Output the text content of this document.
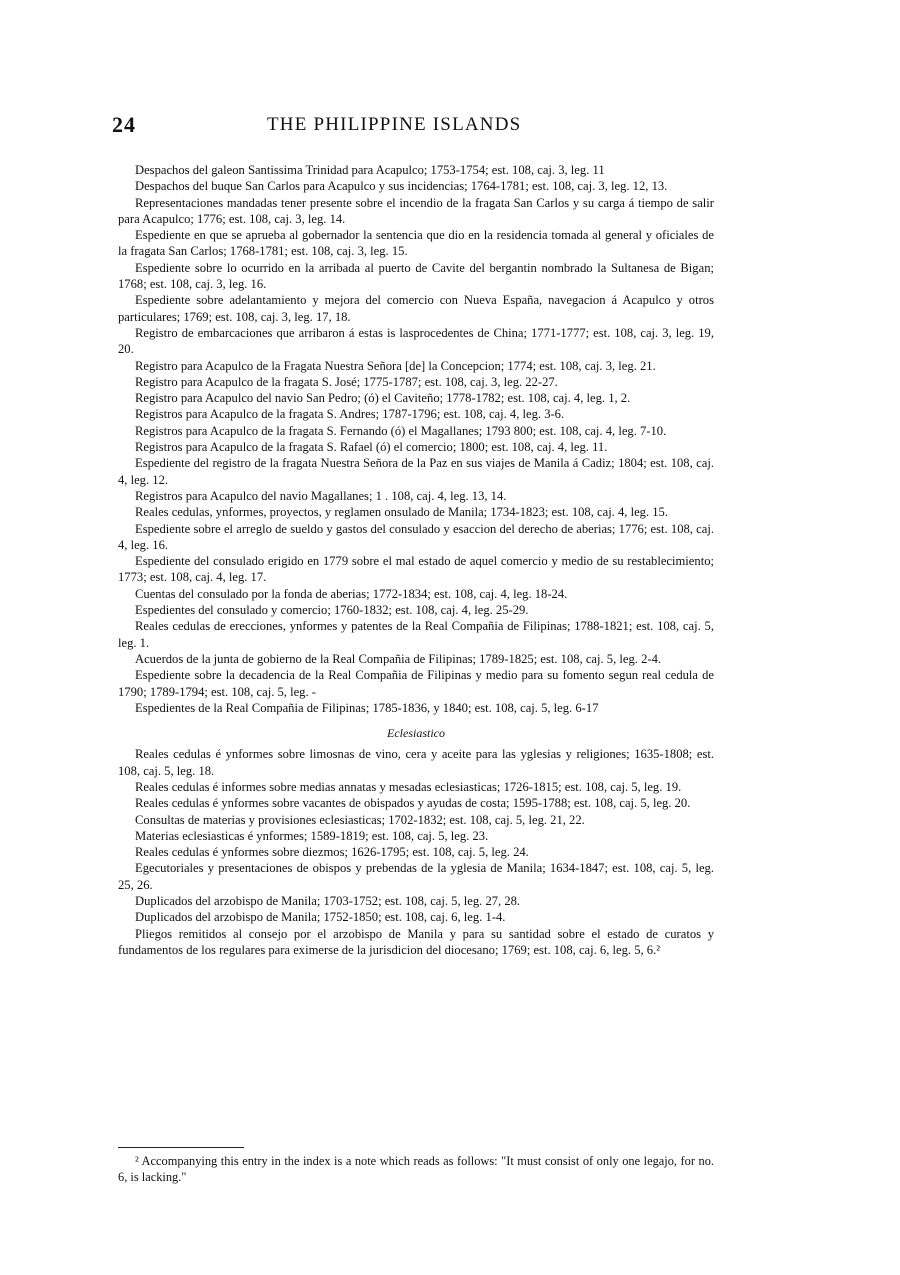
24	THE PHILIPPINE ISLANDS

Despachos del galeon Santissima Trinidad para Acapulco; 1753-1754; est. 108, caj. 3, leg. 11

Despachos del buque San Carlos para Acapulco y sus incidencias; 1764-1781; est. 108, caj. 3, leg. 12, 13.

Representaciones mandadas tener presente sobre el incendio de la fragata San Carlos y su carga á tiempo de salir para Acapulco; 1776; est. 108, caj. 3, leg. 14.

Espediente en que se aprueba al gobernador la sentencia que dio en la residencia tomada al general y oficiales de la fragata San Carlos; 1768-1781; est. 108, caj. 3, leg. 15.

Espediente sobre lo ocurrido en la arribada al puerto de Cavite del bergantin nombrado la Sultanesa de Bigan; 1768; est. 108, caj. 3, leg. 16.

Espediente sobre adelantamiento y mejora del comercio con Nueva España, navegacion á Acapulco y otros particulares; 1769; est. 108, caj. 3, leg. 17, 18.

Registro de embarcaciones que arribaron á estas is lasprocedentes de China; 1771-1777; est. 108, caj. 3, leg. 19, 20.

Registro para Acapulco de la Fragata Nuestra Señora [de] la Concepcion; 1774; est. 108, caj. 3, leg. 21.

Registro para Acapulco de la fragata S. José; 1775-1787; est. 108, caj. 3, leg. 22-27.

Registro para Acapulco del navio San Pedro; (ó) el Caviteño; 1778-1782; est. 108, caj. 4, leg. 1, 2.

Registros para Acapulco de la fragata S. Andres; 1787-1796; est. 108, caj. 4, leg. 3-6.

Registros para Acapulco de la fragata S. Fernando (ó) el Magallanes; 1793 800; est. 108, caj. 4, leg. 7-10.

Registros para Acapulco de la fragata S. Rafael (ó) el comercio; 1800; est. 108, caj. 4, leg. 11.

Espediente del registro de la fragata Nuestra Señora de la Paz en sus viajes de Manila á Cadiz; 1804; est. 108, caj. 4, leg. 12.

Registros para Acapulco del navio Magallanes; 1 . 108, caj. 4, leg. 13, 14.

Reales cedulas, ynformes, proyectos, y reglamen onsulado de Manila; 1734-1823; est. 108, caj. 4, leg. 15.

Espediente sobre el arreglo de sueldo y gastos del consulado y esaccion del derecho de aberias; 1776; est. 108, caj. 4, leg. 16.

Espediente del consulado erigido en 1779 sobre el mal estado de aquel comercio y medio de su restablecimiento; 1773; est. 108, caj. 4, leg. 17.

Cuentas del consulado por la fonda de aberias; 1772-1834; est. 108, caj. 4, leg. 18-24.

Espedientes del consulado y comercio; 1760-1832; est. 108, caj. 4, leg. 25-29.

Reales cedulas de erecciones, ynformes y patentes de la Real Compañia de Filipinas; 1788-1821; est. 108, caj. 5, leg. 1.

Acuerdos de la junta de gobierno de la Real Compañia de Filipinas; 1789-1825; est. 108, caj. 5, leg. 2-4.

Espediente sobre la decadencia de la Real Compañia de Filipinas y medio para su fomento segun real cedula de 1790; 1789-1794; est. 108, caj. 5, leg. -

Espedientes de la Real Compañia de Filipinas; 1785-1836, y 1840; est. 108, caj. 5, leg. 6-17

Eclesiastico

Reales cedulas é ynformes sobre limosnas de vino, cera y aceite para las yglesias y religiones; 1635-1808; est. 108, caj. 5, leg. 18.

Reales cedulas é informes sobre medias annatas y mesadas eclesiasticas; 1726-1815; est. 108, caj. 5, leg. 19.

Reales cedulas é ynformes sobre vacantes de obispados y ayudas de costa; 1595-1788; est. 108, caj. 5, leg. 20.

Consultas de materias y provisiones eclesiasticas; 1702-1832; est. 108, caj. 5, leg. 21, 22.

Materias eclesiasticas é ynformes; 1589-1819; est. 108, caj. 5, leg. 23.

Reales cedulas é ynformes sobre diezmos; 1626-1795; est. 108, caj. 5, leg. 24.

Egecutoriales y presentaciones de obispos y prebendas de la yglesia de Manila; 1634-1847; est. 108, caj. 5, leg. 25, 26.

Duplicados del arzobispo de Manila; 1703-1752; est. 108, caj. 5, leg. 27, 28.

Duplicados del arzobispo de Manila; 1752-1850; est. 108, caj. 6, leg. 1-4.

Pliegos remitidos al consejo por el arzobispo de Manila y para su santidad sobre el estado de curatos y fundamentos de los regulares para eximerse de la jurisdicion del diocesano; 1769; est. 108, caj. 6, leg. 5, 6.²

² Accompanying this entry in the index is a note which reads as follows: "It must consist of only one legajo, for no. 6, is lacking."
